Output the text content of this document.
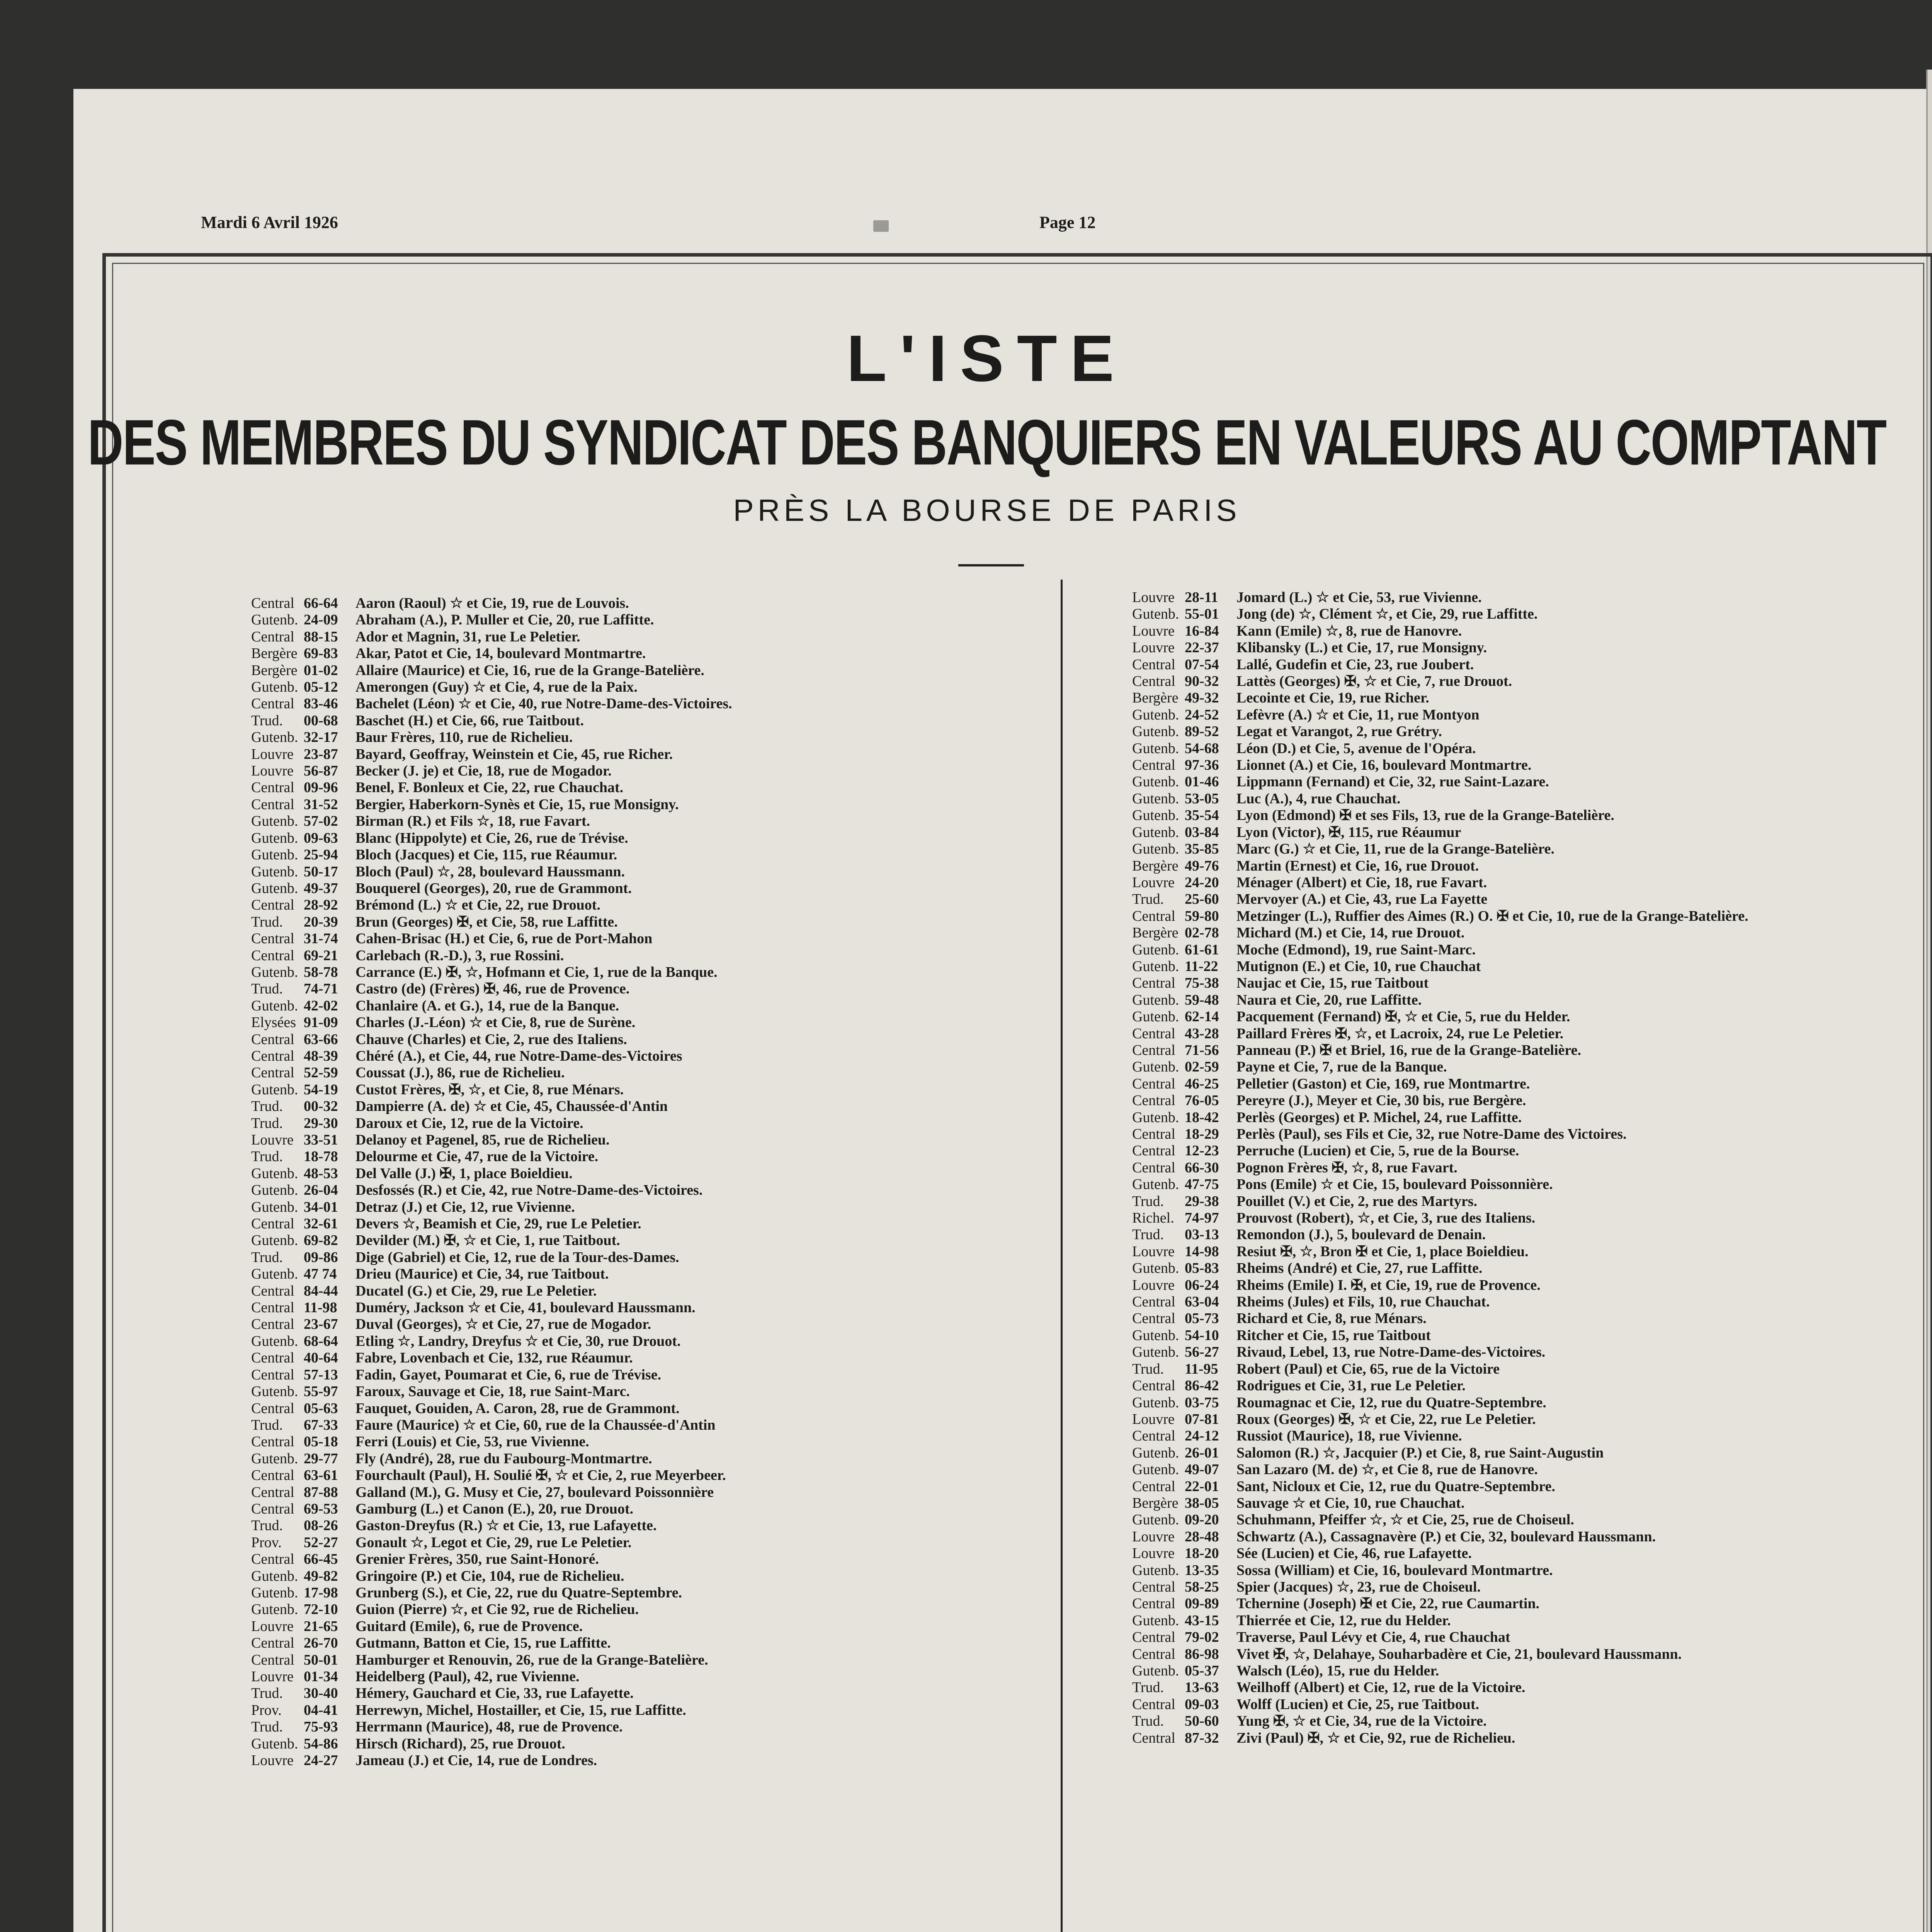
Mardi 6 Avril 1926	Page 12
L'ISTE
DES MEMBRES DU SYNDICAT DES BANQUIERS EN VALEURS AU COMPTANT
PRÈS LA BOURSE DE PARIS
Central 66-64	Aaron (Raoul) ☆ et Cie, 19, rue de Louvois.
Gutenb. 24-09	Abraham (A.), P. Muller et Cie, 20, rue Laffitte.
Central 88-15	Ador et Magnin, 31, rue Le Peletier.
Bergère 69-83	Akar, Patot et Cie, 14, boulevard Montmartre.
Bergère 01-02	Allaire (Maurice) et Cie, 16, rue de la Grange-Batelière.
Gutenb. 05-12	Amerongen (Guy) ☆ et Cie, 4, rue de la Paix.
Central 83-46	Bachelet (Léon) ☆ et Cie, 40, rue Notre-Dame-des-Victoires.
Trud.	00-68	Baschet (H.) et Cie, 66, rue Taitbout.
Gutenb. 32-17	Baur Frères, 110, rue de Richelieu.
Louvre 23-87	Bayard, Geoffray, Weinstein et Cie, 45, rue Richer.
Louvre 56-87	Becker (J. je) et Cie, 18, rue de Mogador.
Central 09-96	Benel, F. Bonleux et Cie, 22, rue Chauchat.
Central 31-52	Bergier, Haberkorn-Synès et Cie, 15, rue Monsigny.
Gutenb. 57-02	Birman (R.) et Fils ☆, 18, rue Favart.
Gutenb. 09-63	Blanc (Hippolyte) et Cie, 26, rue de Trévise.
Gutenb. 25-94	Bloch (Jacques) et Cie, 115, rue Réaumur.
Gutenb. 50-17	Bloch (Paul) ☆, 28, boulevard Haussmann.
Gutenb. 49-37	Bouquerel (Georges), 20, rue de Grammont.
Central 28-92	Brémond (L.) ☆ et Cie, 22, rue Drouot.
Trud.	20-39	Brun (Georges) ✠, et Cie, 58, rue Laffitte.
Central 31-74	Cahen-Brisac (H.) et Cie, 6, rue de Port-Mahon
Central 69-21	Carlebach (R.-D.), 3, rue Rossini.
Gutenb. 58-78	Carrance (E.) ✠, ☆, Hofmann et Cie, 1, rue de la Banque.
Trud.	74-71	Castro (de) (Frères) ✠, 46, rue de Provence.
Gutenb. 42-02	Chanlaire (A. et G.), 14, rue de la Banque.
Elysées 91-09	Charles (J.-Léon) ☆ et Cie, 8, rue de Surène.
Central 63-66	Chauve (Charles) et Cie, 2, rue des Italiens.
Central 48-39	Chéré (A.), et Cie, 44, rue Notre-Dame-des-Victoires
Central 52-59	Coussat (J.), 86, rue de Richelieu.
Gutenb. 54-19	Custot Frères, ✠, ☆, et Cie, 8, rue Ménars.
Trud.	00-32	Dampierre (A. de) ☆ et Cie, 45, Chaussée-d'Antin
Trud.	29-30	Daroux et Cie, 12, rue de la Victoire.
Louvre 33-51	Delanoy et Pagenel, 85, rue de Richelieu.
Trud.	18-78	Delourme et Cie, 47, rue de la Victoire.
Gutenb. 48-53	Del Valle (J.) ✠, 1, place Boieldieu.
Gutenb. 26-04	Desfossés (R.) et Cie, 42, rue Notre-Dame-des-Victoires.
Gutenb. 34-01	Detraz (J.) et Cie, 12, rue Vivienne.
Central 32-61	Devers ☆, Beamish et Cie, 29, rue Le Peletier.
Gutenb. 69-82	Devilder (M.) ✠, ☆ et Cie, 1, rue Taitbout.
Trud.	09-86	Dige (Gabriel) et Cie, 12, rue de la Tour-des-Dames.
Gutenb. 47 74	Drieu (Maurice) et Cie, 34, rue Taitbout.
Central 84-44	Ducatel (G.) et Cie, 29, rue Le Peletier.
Central 11-98	Duméry, Jackson ☆ et Cie, 41, boulevard Haussmann.
Central 23-67	Duval (Georges), ☆ et Cie, 27, rue de Mogador.
Gutenb. 68-64	Etling ☆, Landry, Dreyfus ☆ et Cie, 30, rue Drouot.
Central 40-64	Fabre, Lovenbach et Cie, 132, rue Réaumur.
Central 57-13	Fadin, Gayet, Poumarat et Cie, 6, rue de Trévise.
Gutenb. 55-97	Faroux, Sauvage et Cie, 18, rue Saint-Marc.
Central 05-63	Fauquet, Gouiden, A. Caron, 28, rue de Grammont.
Trud.	67-33	Faure (Maurice) ☆ et Cie, 60, rue de la Chaussée-d'Antin
Central 05-18	Ferri (Louis) et Cie, 53, rue Vivienne.
Gutenb. 29-77	Fly (André), 28, rue du Faubourg-Montmartre.
Central 63-61	Fourchault (Paul), H. Soulié ✠, ☆ et Cie, 2, rue Meyerbeer.
Central 87-88	Galland (M.), G. Musy et Cie, 27, boulevard Poissonnière
Central 69-53	Gamburg (L.) et Canon (E.), 20, rue Drouot.
Trud.	08-26	Gaston-Dreyfus (R.) ☆ et Cie, 13, rue Lafayette.
Prov.	52-27	Gonault ☆, Legot et Cie, 29, rue Le Peletier.
Central 66-45	Grenier Frères, 350, rue Saint-Honoré.
Gutenb. 49-82	Gringoire (P.) et Cie, 104, rue de Richelieu.
Gutenb. 17-98	Grunberg (S.), et Cie, 22, rue du Quatre-Septembre.
Gutenb. 72-10	Guion (Pierre) ☆, et Cie 92, rue de Richelieu.
Louvre 21-65	Guitard (Emile), 6, rue de Provence.
Central 26-70	Gutmann, Batton et Cie, 15, rue Laffitte.
Central 50-01	Hamburger et Renouvin, 26, rue de la Grange-Batelière.
Louvre 01-34	Heidelberg (Paul), 42, rue Vivienne.
Trud.	30-40	Hémery, Gauchard et Cie, 33, rue Lafayette.
Prov.	04-41	Herrewyn, Michel, Hostailler, et Cie, 15, rue Laffitte.
Trud.	75-93	Herrmann (Maurice), 48, rue de Provence.
Gutenb. 54-86	Hirsch (Richard), 25, rue Drouot.
Louvre 24-27	Jameau (J.) et Cie, 14, rue de Londres.
Louvre 28-11	Jomard (L.) ☆ et Cie, 53, rue Vivienne.
Gutenb. 55-01	Jong (de) ☆, Clément ☆, et Cie, 29, rue Laffitte.
Louvre 16-84	Kann (Emile) ☆, 8, rue de Hanovre.
Louvre 22-37	Klibansky (L.) et Cie, 17, rue Monsigny.
Central 07-54	Lallé, Gudefin et Cie, 23, rue Joubert.
Central 90-32	Lattès (Georges) ✠, ☆ et Cie, 7, rue Drouot.
Bergère 49-32	Lecointe et Cie, 19, rue Richer.
Gutenb. 24-52	Lefèvre (A.) ☆ et Cie, 11, rue Montyon
Gutenb. 89-52	Legat et Varangot, 2, rue Grétry.
Gutenb. 54-68	Léon (D.) et Cie, 5, avenue de l'Opéra.
Central 97-36	Lionnet (A.) et Cie, 16, boulevard Montmartre.
Gutenb. 01-46	Lippmann (Fernand) et Cie, 32, rue Saint-Lazare.
Gutenb. 53-05	Luc (A.), 4, rue Chauchat.
Gutenb. 35-54	Lyon (Edmond) ✠ et ses Fils, 13, rue de la Grange-Batelière.
Gutenb. 03-84	Lyon (Victor), ✠, 115, rue Réaumur
Gutenb. 35-85	Marc (G.) ☆ et Cie, 11, rue de la Grange-Batelière.
Bergère 49-76	Martin (Ernest) et Cie, 16, rue Drouot.
Louvre 24-20	Ménager (Albert) et Cie, 18, rue Favart.
Trud.	25-60	Mervoyer (A.) et Cie, 43, rue La Fayette
Central 59-80	Metzinger (L.), Ruffier des Aimes (R.) O. ✠ et Cie, 10, rue de la Grange-Batelière.
Bergère 02-78	Michard (M.) et Cie, 14, rue Drouot.
Gutenb. 61-61	Moche (Edmond), 19, rue Saint-Marc.
Gutenb. 11-22	Mutignon (E.) et Cie, 10, rue Chauchat
Central 75-38	Naujac et Cie, 15, rue Taitbout
Gutenb. 59-48	Naura et Cie, 20, rue Laffitte.
Gutenb. 62-14	Pacquement (Fernand) ✠, ☆ et Cie, 5, rue du Helder.
Central 43-28	Paillard Frères ✠, ☆, et Lacroix, 24, rue Le Peletier.
Central 71-56	Panneau (P.) ✠ et Briel, 16, rue de la Grange-Batelière.
Gutenb. 02-59	Payne et Cie, 7, rue de la Banque.
Central 46-25	Pelletier (Gaston) et Cie, 169, rue Montmartre.
Central 76-05	Pereyre (J.), Meyer et Cie, 30 bis, rue Bergère.
Gutenb. 18-42	Perlès (Georges) et P. Michel, 24, rue Laffitte.
Central 18-29	Perlès (Paul), ses Fils et Cie, 32, rue Notre-Dame des Victoires.
Central 12-23	Perruche (Lucien) et Cie, 5, rue de la Bourse.
Central 66-30	Pognon Frères ✠, ☆, 8, rue Favart.
Gutenb. 47-75	Pons (Emile) ☆ et Cie, 15, boulevard Poissonnière.
Trud.	29-38	Pouillet (V.) et Cie, 2, rue des Martyrs.
Richel. 74-97	Prouvost (Robert), ☆, et Cie, 3, rue des Italiens.
Trud.	03-13	Remondon (J.), 5, boulevard de Denain.
Louvre 14-98	Resiut ✠, ☆, Bron ✠ et Cie, 1, place Boieldieu.
Gutenb. 05-83	Rheims (André) et Cie, 27, rue Laffitte.
Louvre 06-24	Rheims (Emile) I. ✠, et Cie, 19, rue de Provence.
Central 63-04	Rheims (Jules) et Fils, 10, rue Chauchat.
Central 05-73	Richard et Cie, 8, rue Ménars.
Gutenb. 54-10	Ritcher et Cie, 15, rue Taitbout
Gutenb. 56-27	Rivaud, Lebel, 13, rue Notre-Dame-des-Victoires.
Trud.	11-95	Robert (Paul) et Cie, 65, rue de la Victoire
Central 86-42	Rodrigues et Cie, 31, rue Le Peletier.
Gutenb. 03-75	Roumagnac et Cie, 12, rue du Quatre-Septembre.
Louvre 07-81	Roux (Georges) ✠, ☆ et Cie, 22, rue Le Peletier.
Central 24-12	Russiot (Maurice), 18, rue Vivienne.
Gutenb. 26-01	Salomon (R.) ☆, Jacquier (P.) et Cie, 8, rue Saint-Augustin
Gutenb. 49-07	San Lazaro (M. de) ☆, et Cie 8, rue de Hanovre.
Central 22-01	Sant, Nicloux et Cie, 12, rue du Quatre-Septembre.
Bergère 38-05	Sauvage ☆ et Cie, 10, rue Chauchat.
Gutenb. 09-20	Schuhmann, Pfeiffer ☆, ☆ et Cie, 25, rue de Choiseul.
Louvre 28-48	Schwartz (A.), Cassagnavère (P.) et Cie, 32, boulevard Haussmann.
Louvre 18-20	Sée (Lucien) et Cie, 46, rue Lafayette.
Gutenb. 13-35	Sossa (William) et Cie, 16, boulevard Montmartre.
Central 58-25	Spier (Jacques) ☆, 23, rue de Choiseul.
Central 09-89	Tchernine (Joseph) ✠ et Cie, 22, rue Caumartin.
Gutenb. 43-15	Thierrée et Cie, 12, rue du Helder.
Central 79-02	Traverse, Paul Lévy et Cie, 4, rue Chauchat
Central 86-98	Vivet ✠, ☆, Delahaye, Souharbadère et Cie, 21, boulevard Haussmann.
Gutenb. 05-37	Walsch (Léo), 15, rue du Helder.
Trud.	13-63	Weilhoff (Albert) et Cie, 12, rue de la Victoire.
Central 09-03	Wolff (Lucien) et Cie, 25, rue Taitbout.
Trud.	50-60	Yung ✠, ☆ et Cie, 34, rue de la Victoire.
Central 87-32	Zivi (Paul) ✠, ☆ et Cie, 92, rue de Richelieu.
